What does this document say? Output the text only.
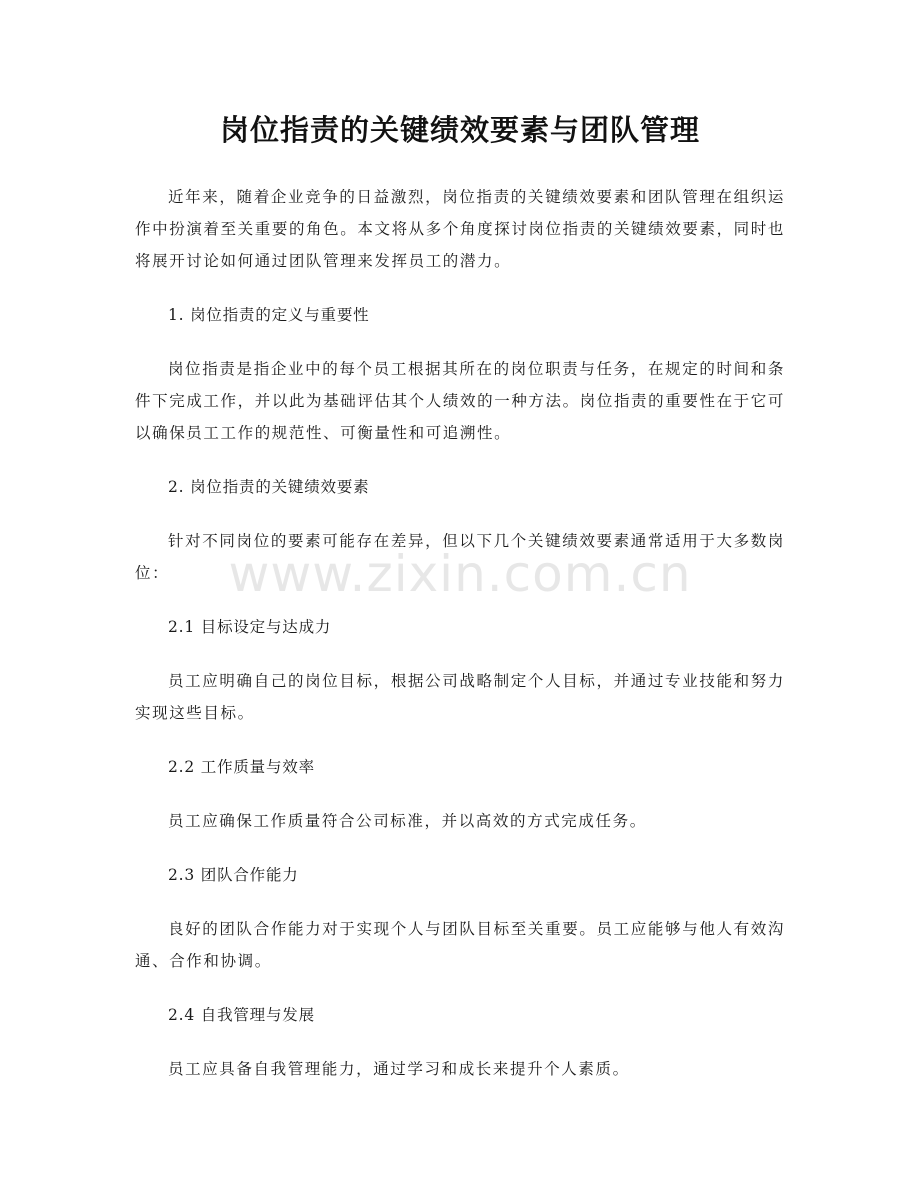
岗位指责的关键绩效要素与团队管理

近年来，随着企业竞争的日益激烈，岗位指责的关键绩效要素和团队管理在组织运作中扮演着至关重要的角色。本文将从多个角度探讨岗位指责的关键绩效要素，同时也将展开讨论如何通过团队管理来发挥员工的潜力。

1. 岗位指责的定义与重要性

岗位指责是指企业中的每个员工根据其所在的岗位职责与任务，在规定的时间和条件下完成工作，并以此为基础评估其个人绩效的一种方法。岗位指责的重要性在于它可以确保员工工作的规范性、可衡量性和可追溯性。

2. 岗位指责的关键绩效要素

针对不同岗位的要素可能存在差异，但以下几个关键绩效要素通常适用于大多数岗位：

2.1 目标设定与达成力

员工应明确自己的岗位目标，根据公司战略制定个人目标，并通过专业技能和努力实现这些目标。

2.2 工作质量与效率

员工应确保工作质量符合公司标准，并以高效的方式完成任务。

2.3 团队合作能力

良好的团队合作能力对于实现个人与团队目标至关重要。员工应能够与他人有效沟通、合作和协调。

2.4 自我管理与发展

员工应具备自我管理能力，通过学习和成长来提升个人素质。

www.zixin.com.cn
